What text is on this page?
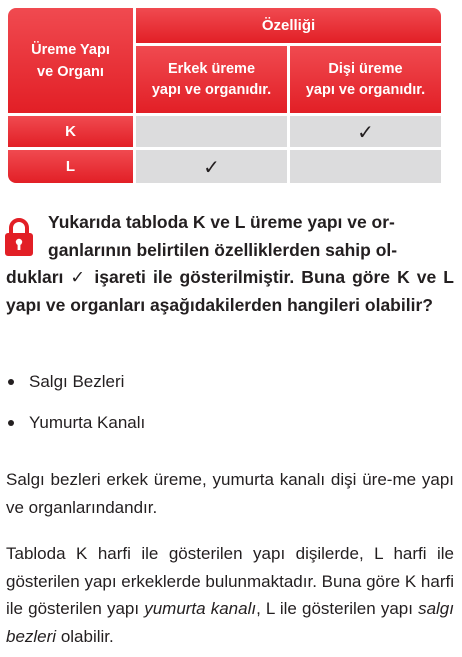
Üreme Yapı
ve Organı
Özelliği
Erkek üreme
yapı ve organıdır.
Dişi üreme
yapı ve organıdır.
K	✓
L	✓

Yukarıda tabloda K ve L üreme yapı ve or-
ganlarının belirtilen özelliklerden sahip ol-

dukları ✓ işareti ile gösterilmiştir. Buna göre K ve L yapı ve organları aşağıdakilerden hangileri olabilir?

Salgı Bezleri
Yumurta Kanalı

Salgı bezleri erkek üreme, yumurta kanalı dişi üre-me yapı ve organlarındandır.

Tabloda K harfi ile gösterilen yapı dişilerde, L harfi ile gösterilen yapı erkeklerde bulunmaktadır. Buna göre K harfi ile gösterilen yapı yumurta kanalı, L ile gösterilen yapı salgı bezleri olabilir.
